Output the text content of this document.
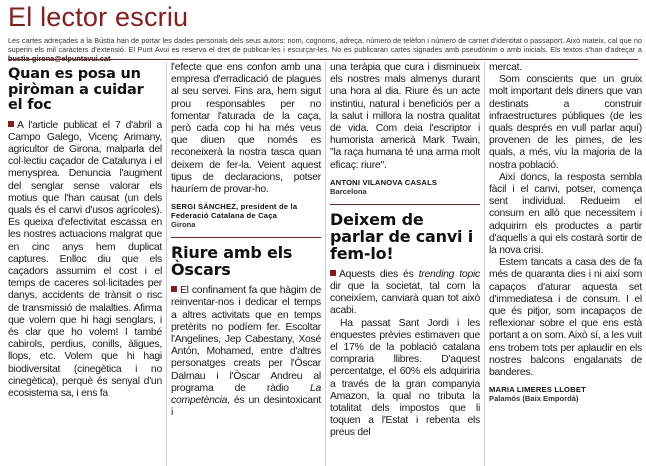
El lector escriu
Les cartes adreçades a la Bústia han de portar les dades personals dels seus autors: nom, cognoms, adreça, número de telèfon i número de carnet d'identitat o passaport. Això mateix, cal que no superin els mil caràcters d'extensió. El Punt Avui es reserva el dret de publicar-les i escurçar-les. No es publicaran cartes signades amb pseudònim o amb inicials. Els textos s'han d'adreçar a
Quan es posa un piròman a cuidar el foc
A l'article publicat el 7 d'abril a Campo Galego, Vicenç Arimany, agricultor de Girona, malparla del col·lectiu caçador de Catalunya i el menysprea. Denuncia l'augment del senglar sense valorar els motius que l'han causat (un dels quals és el canvi d'usos agrícoles). Es queixa d'efectivitat escassa en les nostres actuacions malgrat que en cinc anys hem duplicat captures. Enlloc diu que els caçadors assumim el cost i el temps de caceres sol·licitades per danys, accidents de trànsit o risc de transmissió de malalties. Afirma que volem que hi hagi senglars, i és clar que ho volem! I també cabirols, perdius, conills, àligues, llops, etc. Volem que hi hagi biodiversitat (cinegètica i no cinegètica), perquè és senyal d'un ecosistema sa, i ens fa
l'efecte que ens confon amb una empresa d'erradicació de plagues al seu servei. Fins ara, hem sigut prou responsables per no fomentar l'aturada de la caça, però cada cop hi ha més veus que diuen que només es reconeixerà la nostra tasca quan deixem de fer-la. Veient aquest tipus de declaracions, potser hauríem de provar-ho.
SERGI SÁNCHEZ, president de la Federació Catalana de Caça
Girona
Riure amb els Òscars
El confinament fa que hàgim de reinventar-nos i dedicar el temps a altres activitats que en temps pretèrits no podíem fer. Escoltar l'Angelines, Jep Cabestany, Xosé Antón, Mohamed, entre d'altres personatges creats per l'Òscar Dalmau i l'Òscar Andreu al programa de ràdio La competència, és un desintoxicant i
una teràpia que cura i disminueix els nostres mals almenys durant una hora al dia. Riure és un acte instintiu, natural i beneficiós per a la salut i millora la nostra qualitat de vida. Com deia l'escriptor i humorista americà Mark Twain, "la raça humana té una arma molt eficaç: riure".
ANTONI VILANOVA CASALS
Barcelona
Deixem de parlar de canvi i fem-lo!
Aquests dies és trending topic dir que la societat, tal com la coneixíem, canviarà quan tot això acabi.
Ha passat Sant Jordi i les enquestes prèvies estimaven que el 17% de la població catalana compraria llibres. D'aquest percentatge, el 60% els adquiriria a través de la gran companyia Amazon, la qual no tributa la totalitat dels impostos que li toquen a l'Estat i rebenta els preus del
mercat.
Som conscients que un gruix molt important dels diners que van destinats a construir infraestructures públiques (de les quals després en vull parlar aquí) provenen de les pimes, de les quals, a més, viu la majoria de la nostra població.
Així doncs, la resposta sembla fàcil i el canvi, potser, comença sent individual. Redueim el consum en allò que necessitem i adquirim els productes a partir d'aquells a qui els costarà sortir de la nova crisi.
Estem tancats a casa des de fa més de quaranta dies i ni així som capaços d'aturar aquesta set d'immediatesa i de consum. I el que és pitjor, som incapaços de reflexionar sobre el que ens està portant a on som. Això sí, a les vuit ens trobem tots per aplaudir en els nostres balcons engalanats de banderes.
MARIA LIMERES LLOBET
Palamós (Baix Empordà)
